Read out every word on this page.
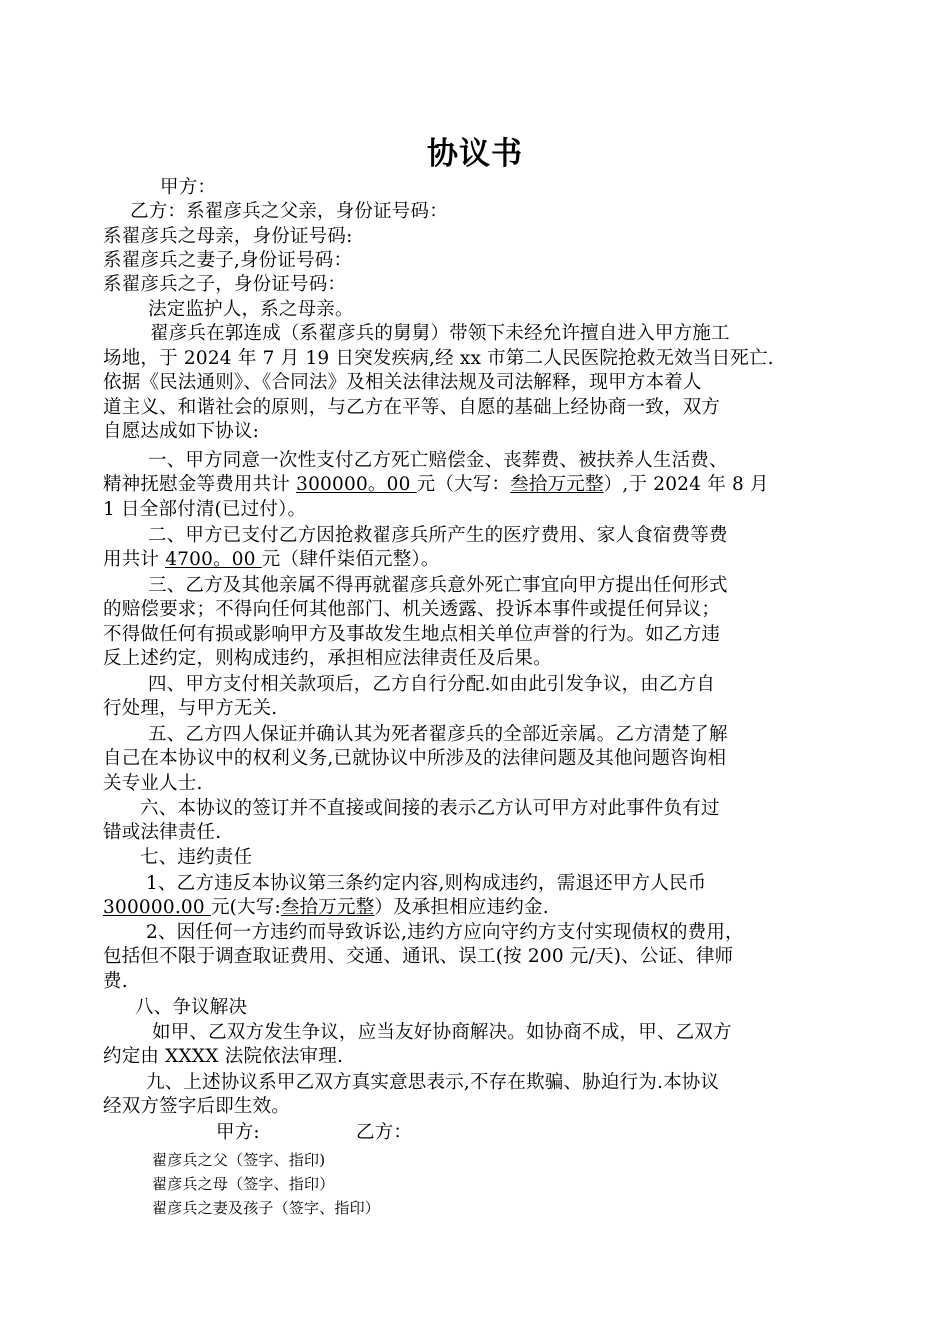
协议书
甲方：
乙方：系翟彦兵之父亲，身份证号码：
系翟彦兵之母亲，身份证号码:
系翟彦兵之妻子,身份证号码：
系翟彦兵之子，身份证号码：
法定监护人，系之母亲。
翟彦兵在郭连成（系翟彦兵的舅舅）带领下未经允许擅自进入甲方施工
场地，于 2024 年 7 月 19 日突发疾病,经 xx 市第二人民医院抢救无效当日死亡.
依据《民法通则》、《合同法》及相关法律法规及司法解释，现甲方本着人
道主义、和谐社会的原则，与乙方在平等、自愿的基础上经协商一致，双方
自愿达成如下协议:
一、甲方同意一次性支付乙方死亡赔偿金、丧葬费、被扶养人生活费、
精神抚慰金等费用共计 300000。00 元（大写：叁拾万元整）,于 2024 年 8 月
1 日全部付清(已过付）。
二、甲方已支付乙方因抢救翟彦兵所产生的医疗费用、家人食宿费等费
用共计 4700。00 元（肆仟柒佰元整）。
三、乙方及其他亲属不得再就翟彦兵意外死亡事宜向甲方提出任何形式
的赔偿要求；不得向任何其他部门、机关透露、投诉本事件或提任何异议；
不得做任何有损或影响甲方及事故发生地点相关单位声誉的行为。如乙方违
反上述约定，则构成违约，承担相应法律责任及后果。
四、甲方支付相关款项后，乙方自行分配.如由此引发争议，由乙方自
行处理，与甲方无关.
五、乙方四人保证并确认其为死者翟彦兵的全部近亲属。乙方清楚了解
自己在本协议中的权利义务,已就协议中所涉及的法律问题及其他问题咨询相
关专业人士.
六、本协议的签订并不直接或间接的表示乙方认可甲方对此事件负有过
错或法律责任.
七、违约责任
1、乙方违反本协议第三条约定内容,则构成违约，需退还甲方人民币
300000.00 元(大写:叁拾万元整）及承担相应违约金.
2、因任何一方违约而导致诉讼,违约方应向守约方支付实现债权的费用，
包括但不限于调查取证费用、交通、通讯、误工(按 200 元/天)、公证、律师
费.
八、争议解决
如甲、乙双方发生争议，应当友好协商解决。如协商不成，甲、乙双方
约定由 XXXX 法院依法审理.
九、上述协议系甲乙双方真实意思表示,不存在欺骗、胁迫行为.本协议
经双方签字后即生效。
甲方:	乙方：
翟彦兵之父（签字、指印)
翟彦兵之母（签字、指印）
翟彦兵之妻及孩子（签字、指印）
